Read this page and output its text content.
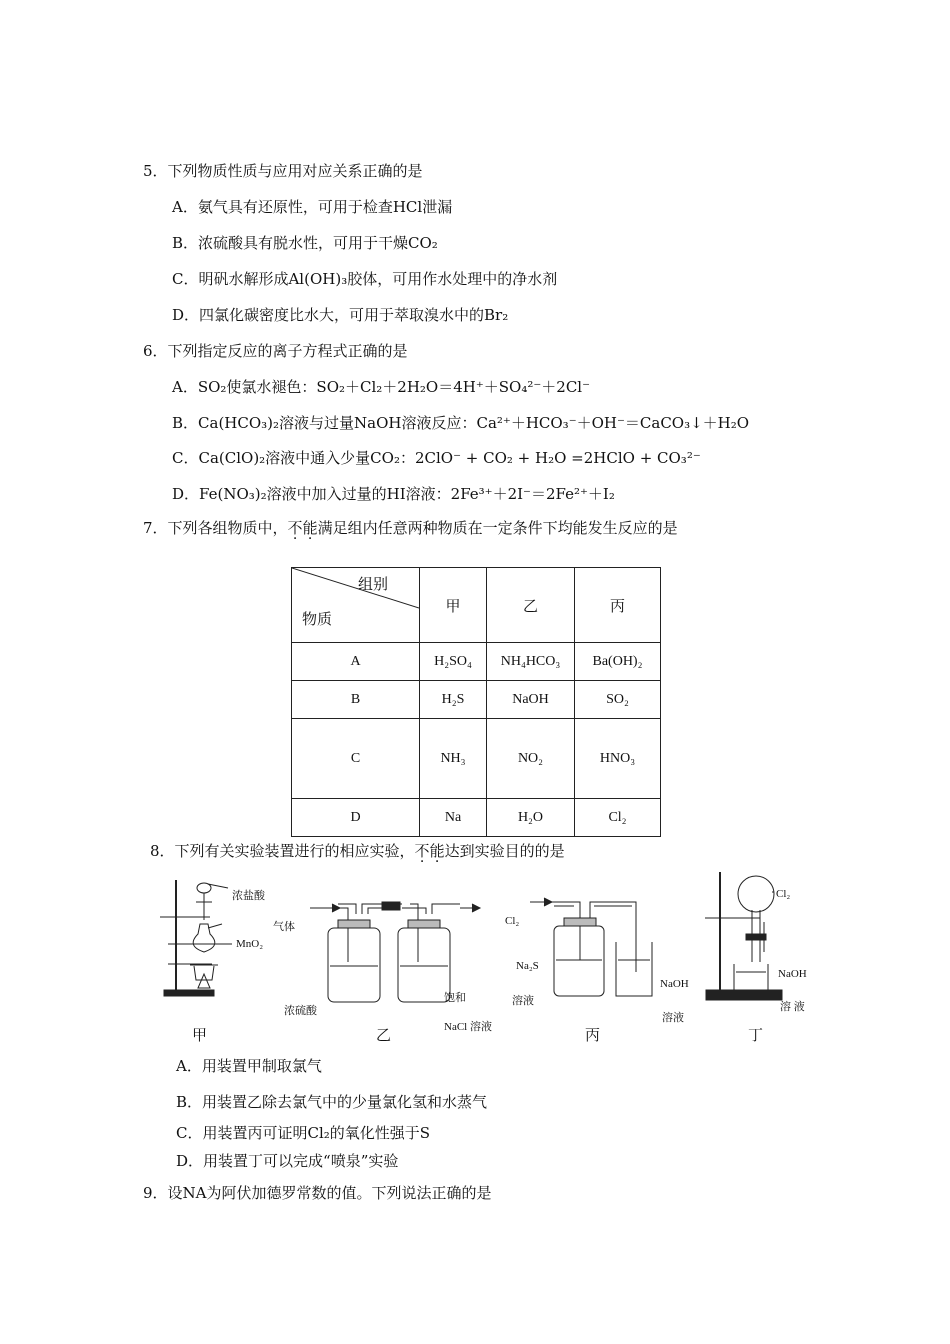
5．下列物质性质与应用对应关系正确的是
A．氨气具有还原性，可用于检查HCl泄漏
B．浓硫酸具有脱水性，可用于干燥CO₂
C．明矾水解形成Al(OH)₃胶体，可用作水处理中的净水剂
D．四氯化碳密度比水大，可用于萃取溴水中的Br₂
6．下列指定反应的离子方程式正确的是
A．SO₂使氯水褪色：SO₂＋Cl₂＋2H₂O＝4H⁺＋SO₄²⁻＋2Cl⁻
B．Ca(HCO₃)₂溶液与过量NaOH溶液反应：Ca²⁺＋HCO₃⁻＋OH⁻＝CaCO₃↓＋H₂O
C．Ca(ClO)₂溶液中通入少量CO₂：2ClO⁻ + CO₂ + H₂O =2HClO + CO₃²⁻
D．Fe(NO₃)₂溶液中加入过量的HI溶液：2Fe³⁺＋2I⁻＝2Fe²⁺＋I₂
7．下列各组物质中，不能满足组内任意两种物质在一定条件下均能发生反应的是
组别
物质	甲	乙	丙
A	H₂SO₄	NH₄HCO₃	Ba(OH)₂
B	H₂S	NaOH	SO₂
C	NH₃	NO₂	HNO₃
D	Na	H₂O	Cl₂
8．下列有关实验装置进行的相应实验，不能达到实验目的的是
浓盐酸
MnO₂
气体
浓硫酸
饱和
NaCl 溶液
Cl₂
Na₂S
溶液
NaOH
溶液
Cl₂
NaOH
溶 液
甲	乙	丙	丁
A．用装置甲制取氯气
B．用装置乙除去氯气中的少量氯化氢和水蒸气
C．用装置丙可证明Cl₂的氧化性强于S
D．用装置丁可以完成“喷泉”实验
9．设NA为阿伏加德罗常数的值。下列说法正确的是
